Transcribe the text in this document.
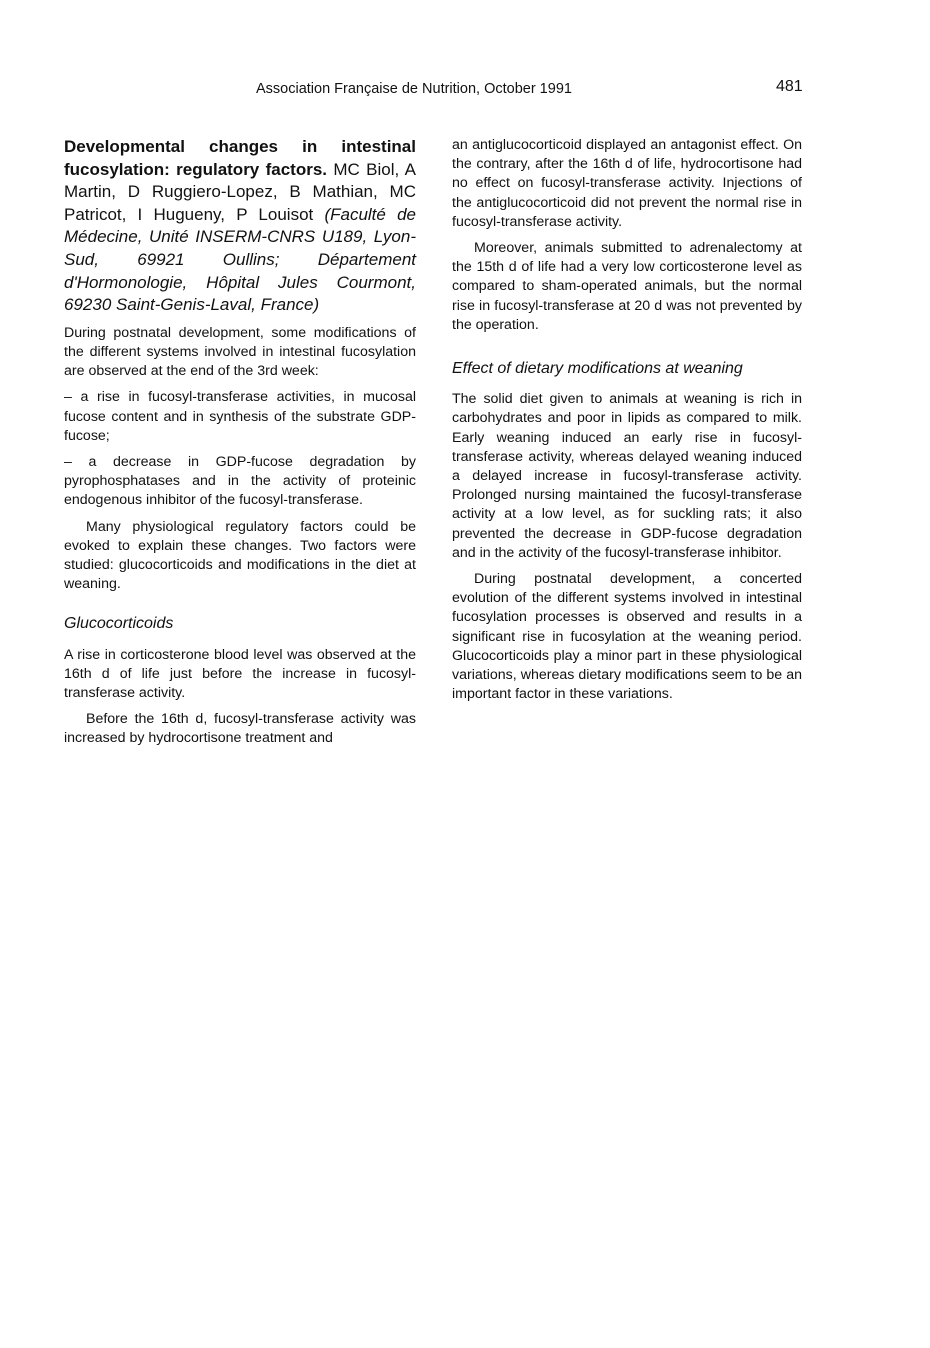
Association Française de Nutrition, October 1991	481

Developmental changes in intestinal fucosylation: regulatory factors. MC Biol, A Martin, D Ruggiero-Lopez, B Mathian, MC Patricot, I Hugueny, P Louisot (Faculté de Médecine, Unité INSERM-CNRS U189, Lyon-Sud, 69921 Oullins; Département d'Hormonologie, Hôpital Jules Courmont, 69230 Saint-Genis-Laval, France)

During postnatal development, some modifications of the different systems involved in intestinal fucosylation are observed at the end of the 3rd week:

– a rise in fucosyl-transferase activities, in mucosal fucose content and in synthesis of the substrate GDP-fucose;

– a decrease in GDP-fucose degradation by pyrophosphatases and in the activity of proteinic endogenous inhibitor of the fucosyl-transferase.

Many physiological regulatory factors could be evoked to explain these changes. Two factors were studied: glucocorticoids and modifications in the diet at weaning.

Glucocorticoids

A rise in corticosterone blood level was observed at the 16th d of life just before the increase in fucosyl-transferase activity.

Before the 16th d, fucosyl-transferase activity was increased by hydrocortisone treatment and

an antiglucocorticoid displayed an antagonist effect. On the contrary, after the 16th d of life, hydrocortisone had no effect on fucosyl-transferase activity. Injections of the antiglucocorticoid did not prevent the normal rise in fucosyl-transferase activity.

Moreover, animals submitted to adrenalectomy at the 15th d of life had a very low corticosterone level as compared to sham-operated animals, but the normal rise in fucosyl-transferase at 20 d was not prevented by the operation.

Effect of dietary modifications at weaning

The solid diet given to animals at weaning is rich in carbohydrates and poor in lipids as compared to milk. Early weaning induced an early rise in fucosyl-transferase activity, whereas delayed weaning induced a delayed increase in fucosyl-transferase activity. Prolonged nursing maintained the fucosyl-transferase activity at a low level, as for suckling rats; it also prevented the decrease in GDP-fucose degradation and in the activity of the fucosyl-transferase inhibitor.

During postnatal development, a concerted evolution of the different systems involved in intestinal fucosylation processes is observed and results in a significant rise in fucosylation at the weaning period. Glucocorticoids play a minor part in these physiological variations, whereas dietary modifications seem to be an important factor in these variations.
